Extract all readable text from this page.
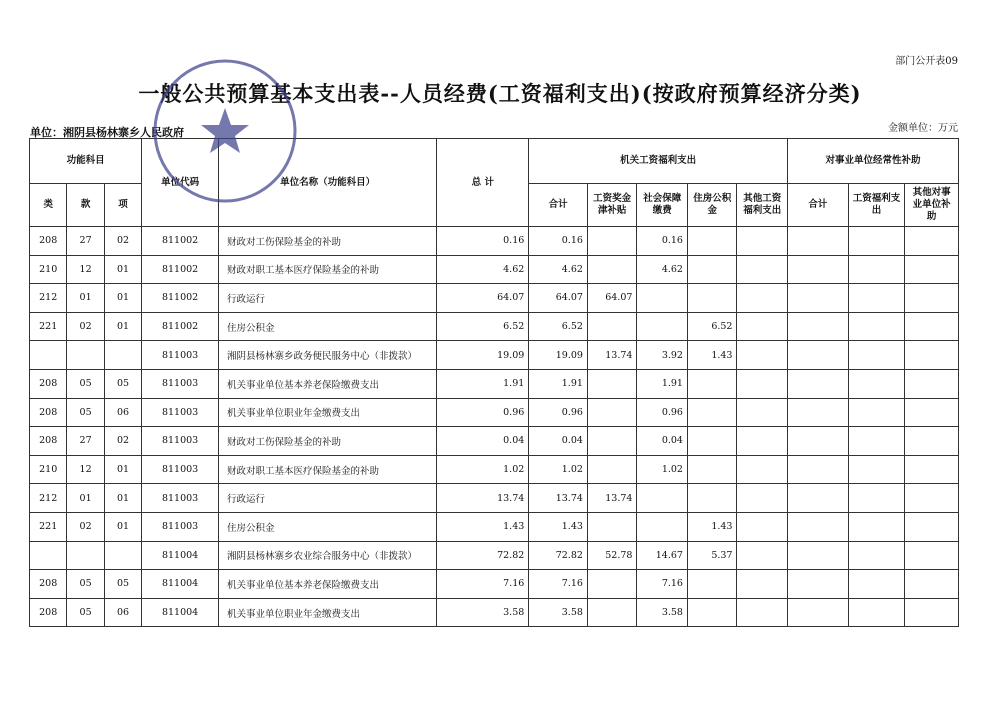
部门公开表09
一般公共预算基本支出表--人员经费(工资福利支出)(按政府预算经济分类)
单位：湘阴县杨林寨乡人民政府	金额单位：万元
功能科目			单位代码	单位名称（功能科目）	总 计	机关工资福利支出					对事业单位经常性补助		
类	款	项				合计	工资奖金津补贴	社会保障缴费	住房公积金	其他工资福利支出	合计	工资福利支出	其他对事业单位补助
208	27	02	811002	财政对工伤保险基金的补助	0.16	0.16		0.16					
210	12	01	811002	财政对职工基本医疗保险基金的补助	4.62	4.62		4.62					
212	01	01	811002	行政运行	64.07	64.07	64.07						
221	02	01	811002	住房公积金	6.52	6.52			6.52				
			811003	湘阴县杨林寨乡政务便民服务中心（非拨款）	19.09	19.09	13.74	3.92	1.43				
208	05	05	811003	机关事业单位基本养老保险缴费支出	1.91	1.91		1.91					
208	05	06	811003	机关事业单位职业年金缴费支出	0.96	0.96		0.96					
208	27	02	811003	财政对工伤保险基金的补助	0.04	0.04		0.04					
210	12	01	811003	财政对职工基本医疗保险基金的补助	1.02	1.02		1.02					
212	01	01	811003	行政运行	13.74	13.74	13.74						
221	02	01	811003	住房公积金	1.43	1.43			1.43				
			811004	湘阴县杨林寨乡农业综合服务中心（非拨款）	72.82	72.82	52.78	14.67	5.37				
208	05	05	811004	机关事业单位基本养老保险缴费支出	7.16	7.16		7.16					
208	05	06	811004	机关事业单位职业年金缴费支出	3.58	3.58		3.58					
